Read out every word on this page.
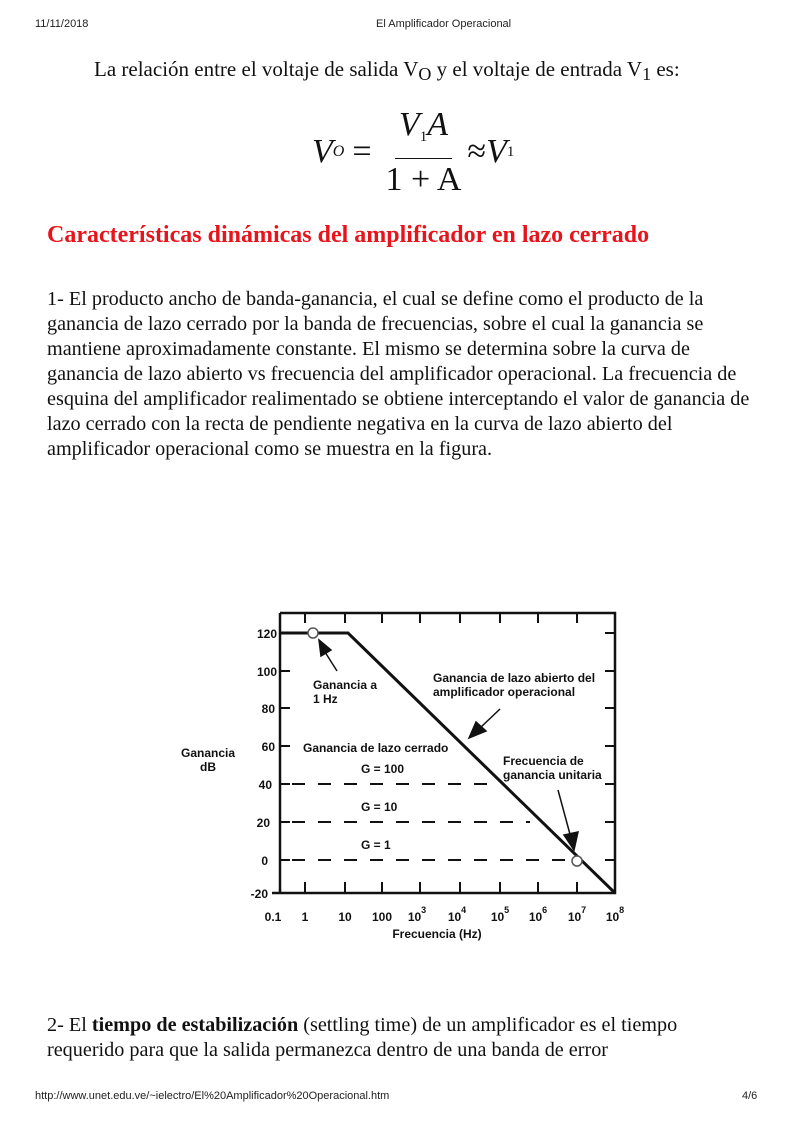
11/11/2018	El Amplificador Operacional
La relación entre el voltaje de salida $V_O$ y el voltaje de entrada $V_1$ es:
V $O = \frac{V1A}{1 + A} \approx V$ 1
Características dinámicas del amplificador en lazo cerrado

1- El producto ancho de banda-ganancia, el cual se define como el producto de la ganancia de lazo cerrado por la banda de frecuencias, sobre el cual la ganancia se mantiene aproximadamente constante. El mismo se determina sobre la curva de ganancia de lazo abierto vs frecuencia del amplificador operacional. La frecuencia de esquina del amplificador realimentado se obtiene interceptando el valor de ganancia de lazo cerrado con la recta de pendiente negativa en la curva de lazo abierto del amplificador operacional como se muestra en la figura.

120
100
80
60
40
20
0
-20
0.1 1 10 100 $10^3$ $10^4$ $10^5$ $10^6$ $10^7$ $10^8$
Frecuencia (Hz)
Ganancia
dB
Ganancia a
1 Hz
Ganancia de lazo abierto del
amplificador operacional
Ganancia de lazo cerrado
G = 100
G = 10
G = 1
Frecuencia de
ganancia unitaria

2- El tiempo de estabilización (settling time) de un amplificador es el tiempo requerido para que la salida permanezca dentro de una banda de error

http://www.unet.edu.ve/~ielectro/El%20Amplificador%20Operacional.htm	4/6
